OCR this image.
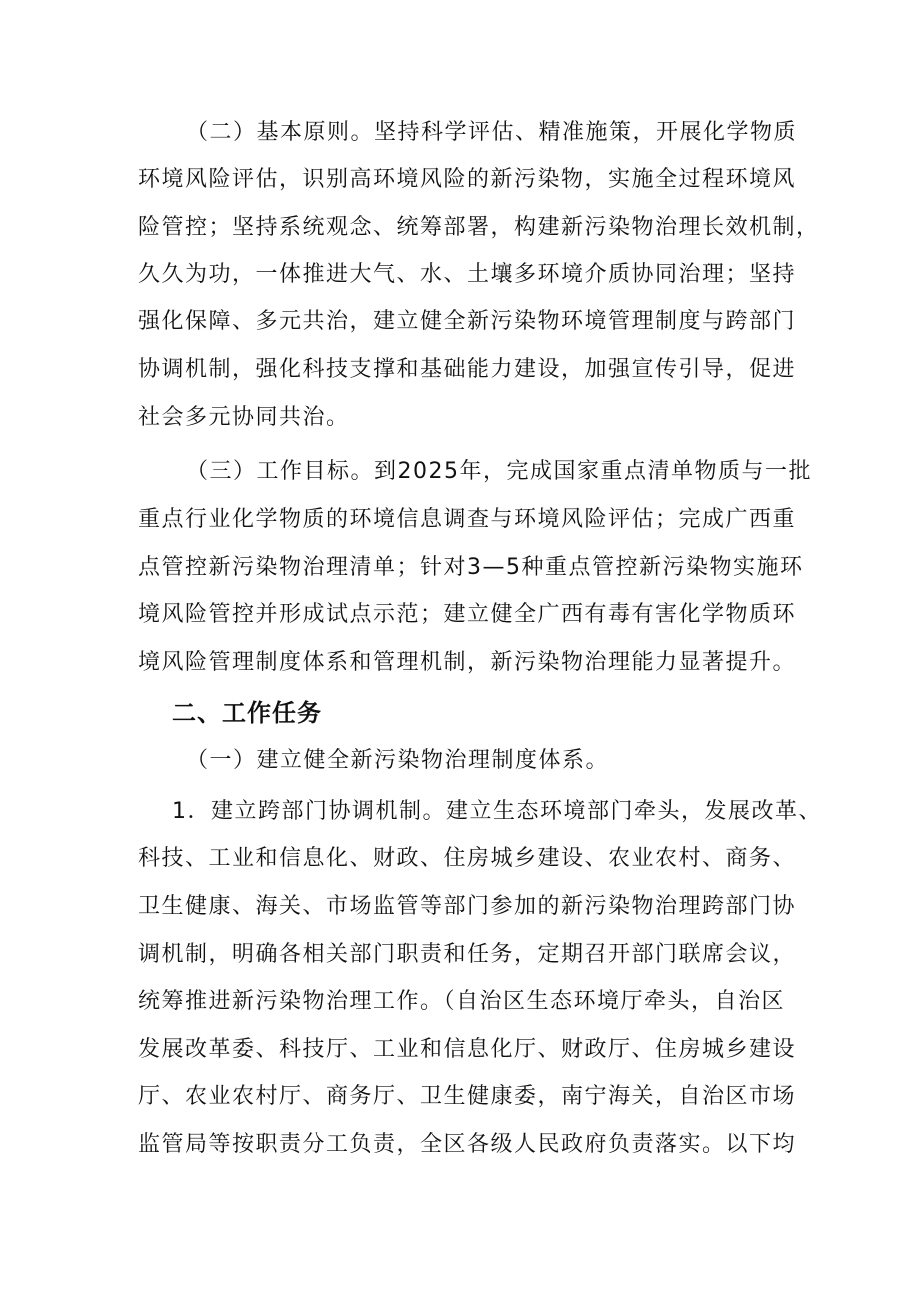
（二）基本原则。坚持科学评估、精准施策，开展化学物质
环境风险评估，识别高环境风险的新污染物，实施全过程环境风
险管控；坚持系统观念、统筹部署，构建新污染物治理长效机制，
久久为功，一体推进大气、水、土壤多环境介质协同治理；坚持
强化保障、多元共治，建立健全新污染物环境管理制度与跨部门
协调机制，强化科技支撑和基础能力建设，加强宣传引导，促进
社会多元协同共治。
（三）工作目标。到2025年，完成国家重点清单物质与一批
重点行业化学物质的环境信息调查与环境风险评估；完成广西重
点管控新污染物治理清单；针对3—5种重点管控新污染物实施环
境风险管控并形成试点示范；建立健全广西有毒有害化学物质环
境风险管理制度体系和管理机制，新污染物治理能力显著提升。
二、工作任务
（一）建立健全新污染物治理制度体系。
1．建立跨部门协调机制。建立生态环境部门牵头，发展改革、
科技、工业和信息化、财政、住房城乡建设、农业农村、商务、
卫生健康、海关、市场监管等部门参加的新污染物治理跨部门协
调机制，明确各相关部门职责和任务，定期召开部门联席会议，
统筹推进新污染物治理工作。（自治区生态环境厅牵头，自治区
发展改革委、科技厅、工业和信息化厅、财政厅、住房城乡建设
厅、农业农村厅、商务厅、卫生健康委，南宁海关，自治区市场
监管局等按职责分工负责，全区各级人民政府负责落实。以下均
